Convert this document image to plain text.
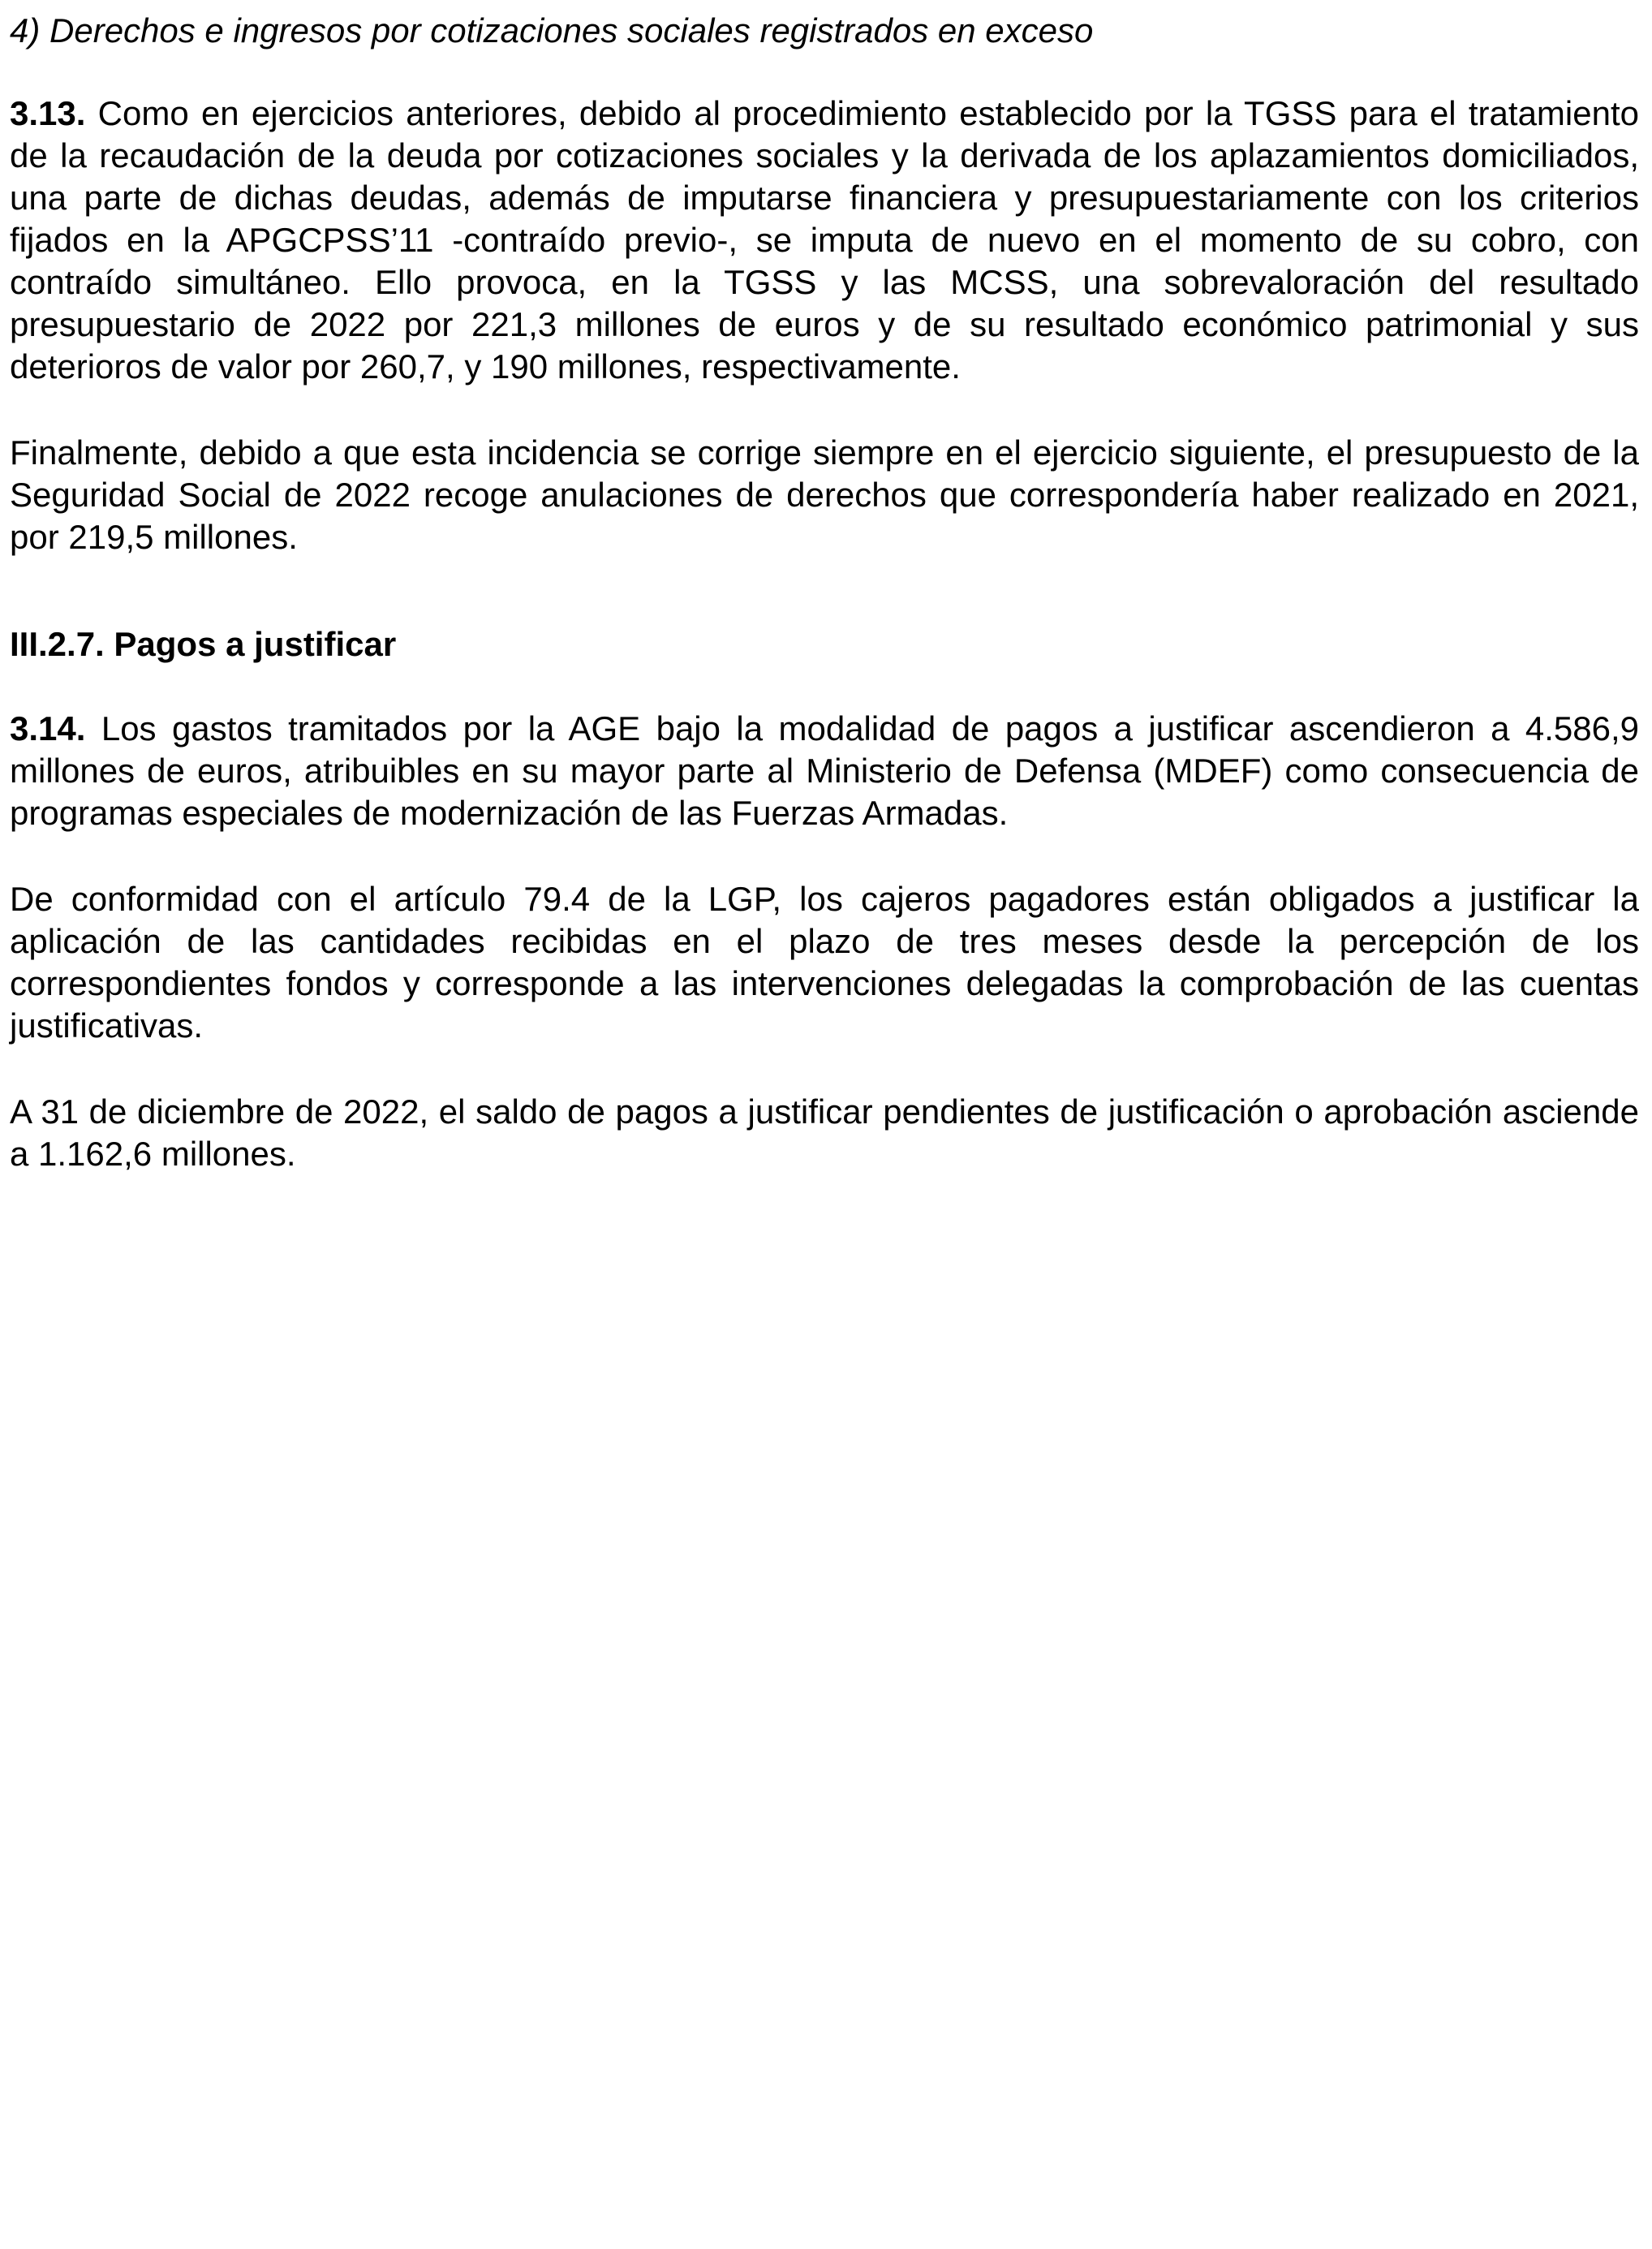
4) Derechos e ingresos por cotizaciones sociales registrados en exceso

3.13. Como en ejercicios anteriores, debido al procedimiento establecido por la TGSS para el tratamiento de la recaudación de la deuda por cotizaciones sociales y la derivada de los aplazamientos domiciliados, una parte de dichas deudas, además de imputarse financiera y presupuestariamente con los criterios fijados en la APGCPSS’11 -contraído previo-, se imputa de nuevo en el momento de su cobro, con contraído simultáneo. Ello provoca, en la TGSS y las MCSS, una sobrevaloración del resultado presupuestario de 2022 por 221,3 millones de euros y de su resultado económico patrimonial y sus deterioros de valor por 260,7, y 190 millones, respectivamente.

Finalmente, debido a que esta incidencia se corrige siempre en el ejercicio siguiente, el presupuesto de la Seguridad Social de 2022 recoge anulaciones de derechos que correspondería haber realizado en 2021, por 219,5 millones.

III.2.7. Pagos a justificar

3.14. Los gastos tramitados por la AGE bajo la modalidad de pagos a justificar ascendieron a 4.586,9 millones de euros, atribuibles en su mayor parte al Ministerio de Defensa (MDEF) como consecuencia de programas especiales de modernización de las Fuerzas Armadas.

De conformidad con el artículo 79.4 de la LGP, los cajeros pagadores están obligados a justificar la aplicación de las cantidades recibidas en el plazo de tres meses desde la percepción de los correspondientes fondos y corresponde a las intervenciones delegadas la comprobación de las cuentas justificativas.

A 31 de diciembre de 2022, el saldo de pagos a justificar pendientes de justificación o aprobación asciende a 1.162,6 millones.
